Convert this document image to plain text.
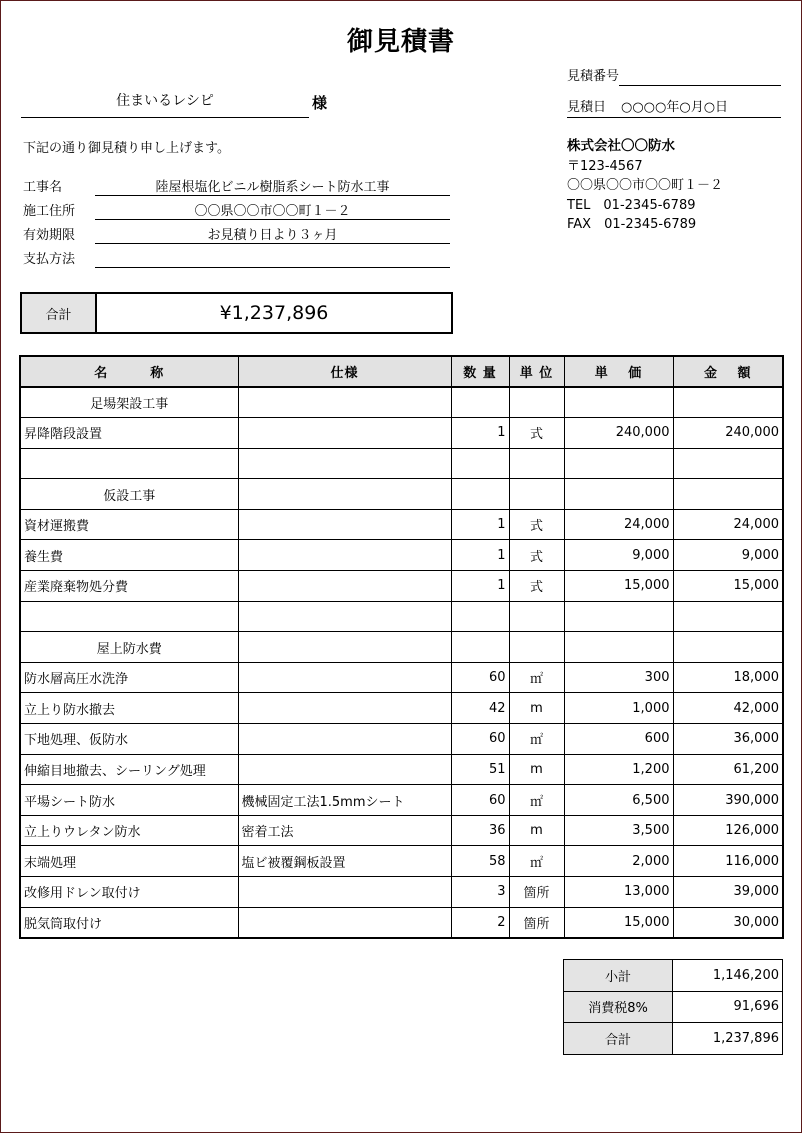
御見積書
住まいるレシピ	様
見積番号
見積日 ○○○○年○月○日
下記の通り御見積り申し上げます。	株式会社〇〇防水
〒123-4567
〇〇県〇〇市〇〇町１－２
TEL　01-2345-6789
FAX　01-2345-6789
工事名	陸屋根塩化ビニル樹脂系シート防水工事
施工住所	〇〇県〇〇市〇〇町１－２
有効期限	お見積り日より３ヶ月
支払方法
合計	¥1,237,896
名　　　称	仕様	数 量	単 位	単　 価	金　 額
足場架設工事					
昇降階段設置		1	式	240,000	240,000

仮設工事					
資材運搬費		1	式	24,000	24,000
養生費		1	式	9,000	9,000
産業廃棄物処分費		1	式	15,000	15,000

屋上防水費					
防水層高圧水洗浄		60	㎡	300	18,000
立上り防水撤去		42	m	1,000	42,000
下地処理、仮防水		60	㎡	600	36,000
伸縮目地撤去、シーリング処理		51	m	1,200	61,200
平場シート防水	機械固定工法1.5mmシート	60	㎡	6,500	390,000
立上りウレタン防水	密着工法	36	m	3,500	126,000
末端処理	塩ビ被覆鋼板設置	58	㎡	2,000	116,000
改修用ドレン取付け		3	箇所	13,000	39,000
脱気筒取付け		2	箇所	15,000	30,000
小計	1,146,200
消費税8%	91,696
合計	1,237,896
